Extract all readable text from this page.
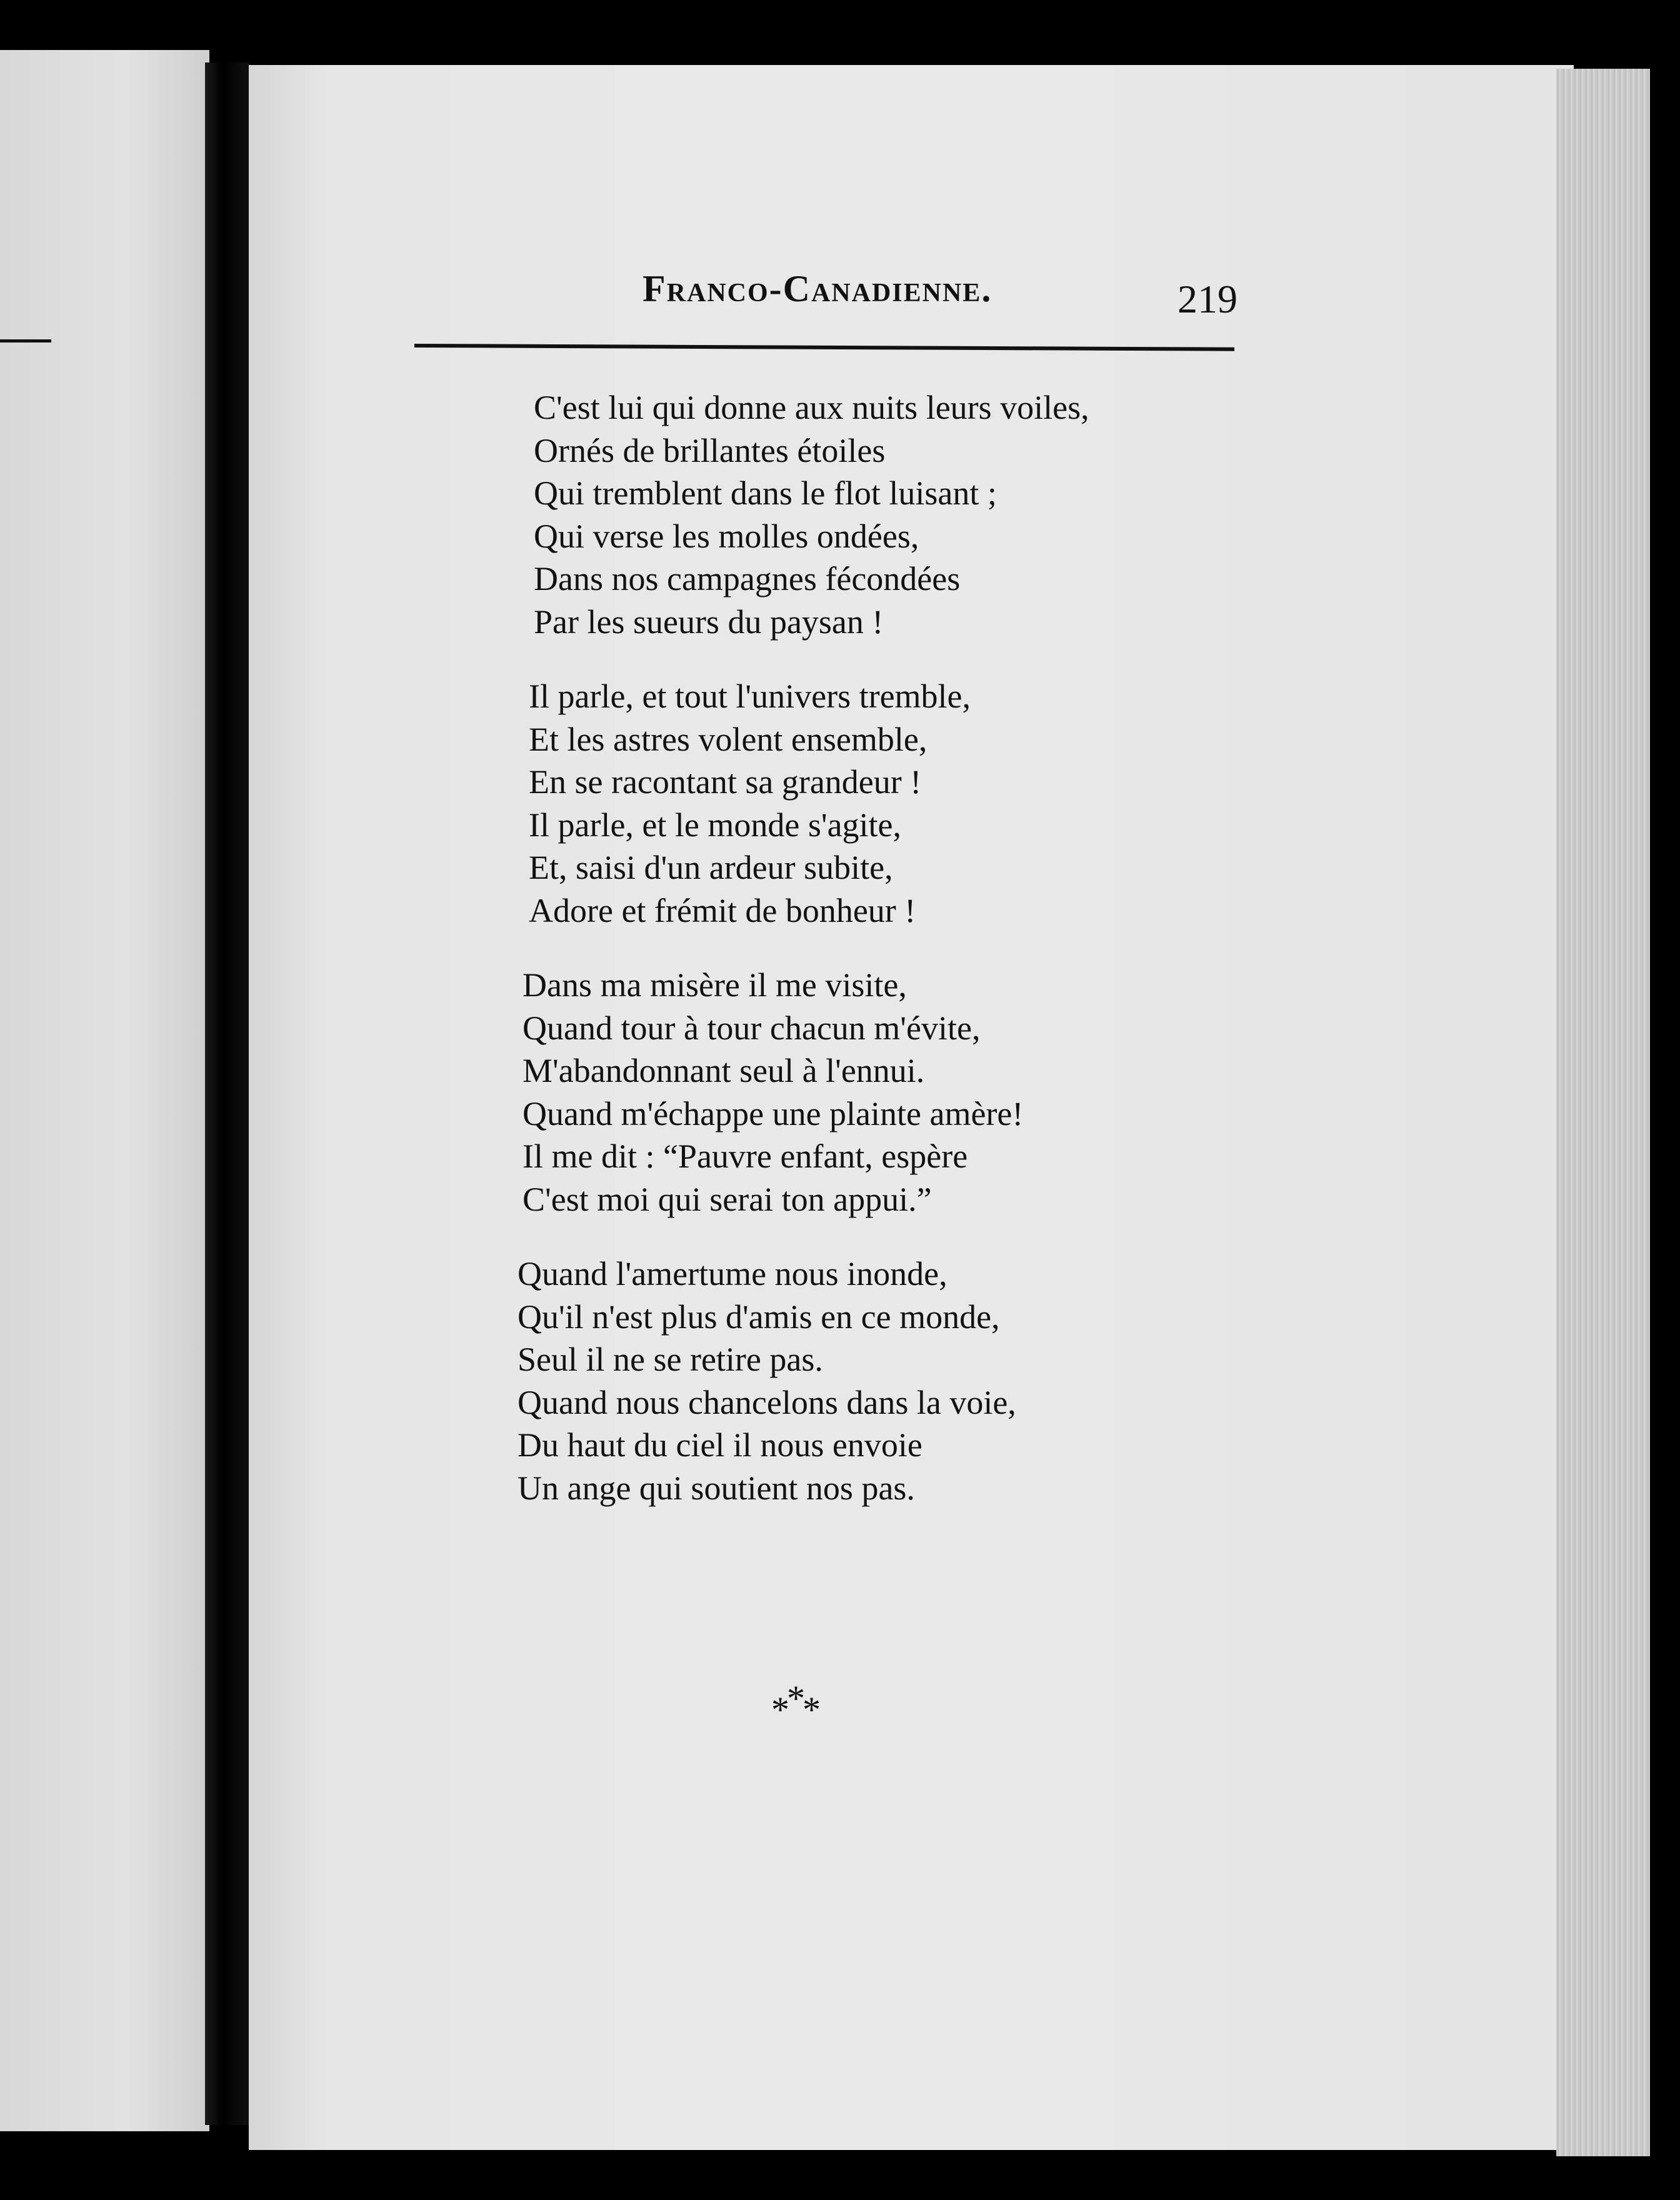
Franco-Canadienne.	219
C'est lui qui donne aux nuits leurs voiles,
Ornés de brillantes étoiles
Qui tremblent dans le flot luisant ;
Qui verse les molles ondées,
Dans nos campagnes fécondées
Par les sueurs du paysan !
Il parle, et tout l'univers tremble,
Et les astres volent ensemble,
En se racontant sa grandeur !
Il parle, et le monde s'agite,
Et, saisi d'un ardeur subite,
Adore et frémit de bonheur !
Dans ma misère il me visite,
Quand tour à tour chacun m'évite,
M'abandonnant seul à l'ennui.
Quand m'échappe une plainte amère!
Il me dit : “Pauvre enfant, espère
C'est moi qui serai ton appui.”
Quand l'amertume nous inonde,
Qu'il n'est plus d'amis en ce monde,
Seul il ne se retire pas.
Quand nous chancelons dans la voie,
Du haut du ciel il nous envoie
Un ange qui soutient nos pas.
***
